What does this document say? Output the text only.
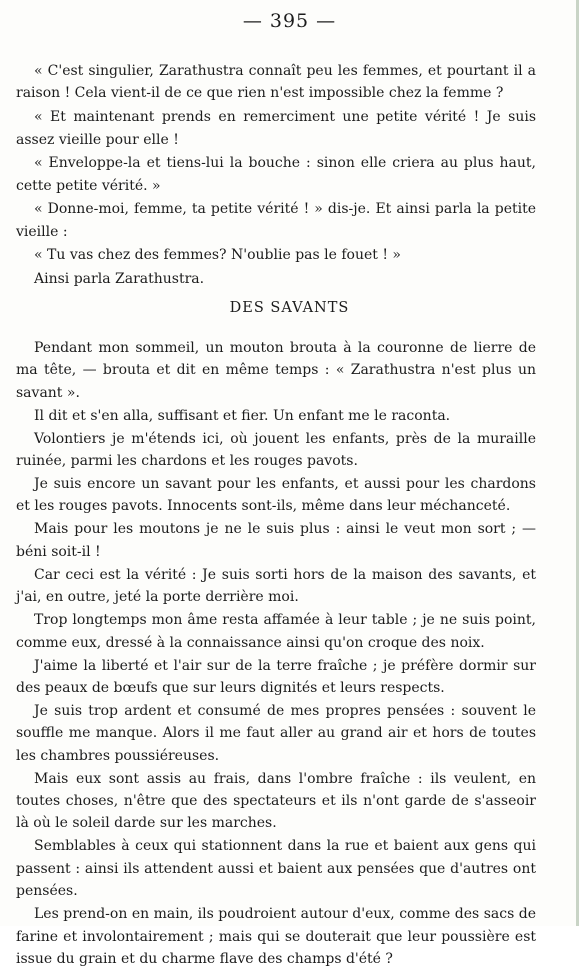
— 395 —

« C'est singulier, Zarathustra connaît peu les femmes, et pourtant il a raison ! Cela vient-il de ce que rien n'est impossible chez la femme ?

« Et maintenant prends en remerciment une petite vérité ! Je suis assez vieille pour elle !

« Enveloppe-la et tiens-lui la bouche : sinon elle criera au plus haut, cette petite vérité. »

« Donne-moi, femme, ta petite vérité ! » dis-je. Et ainsi parla la petite vieille :

« Tu vas chez des femmes? N'oublie pas le fouet ! »

Ainsi parla Zarathustra.

DES SAVANTS

Pendant mon sommeil, un mouton brouta à la couronne de lierre de ma tête, — brouta et dit en même temps : « Zarathustra n'est plus un savant ».

Il dit et s'en alla, suffisant et fier. Un enfant me le raconta.

Volontiers je m'étends ici, où jouent les enfants, près de la muraille ruinée, parmi les chardons et les rouges pavots.

Je suis encore un savant pour les enfants, et aussi pour les chardons et les rouges pavots. Innocents sont-ils, même dans leur méchanceté.

Mais pour les moutons je ne le suis plus : ainsi le veut mon sort ; — béni soit-il !

Car ceci est la vérité : Je suis sorti hors de la maison des savants, et j'ai, en outre, jeté la porte derrière moi.

Trop longtemps mon âme resta affamée à leur table ; je ne suis point, comme eux, dressé à la connaissance ainsi qu'on croque des noix.

J'aime la liberté et l'air sur de la terre fraîche ; je préfère dormir sur des peaux de bœufs que sur leurs dignités et leurs respects.

Je suis trop ardent et consumé de mes propres pensées : souvent le souffle me manque. Alors il me faut aller au grand air et hors de toutes les chambres poussiéreuses.

Mais eux sont assis au frais, dans l'ombre fraîche : ils veulent, en toutes choses, n'être que des spectateurs et ils n'ont garde de s'asseoir là où le soleil darde sur les marches.

Semblables à ceux qui stationnent dans la rue et baient aux gens qui passent : ainsi ils attendent aussi et baient aux pensées que d'autres ont pensées.

Les prend-on en main, ils poudroient autour d'eux, comme des sacs de farine et involontairement ; mais qui se douterait que leur poussière est issue du grain et du charme flave des champs d'été ?
